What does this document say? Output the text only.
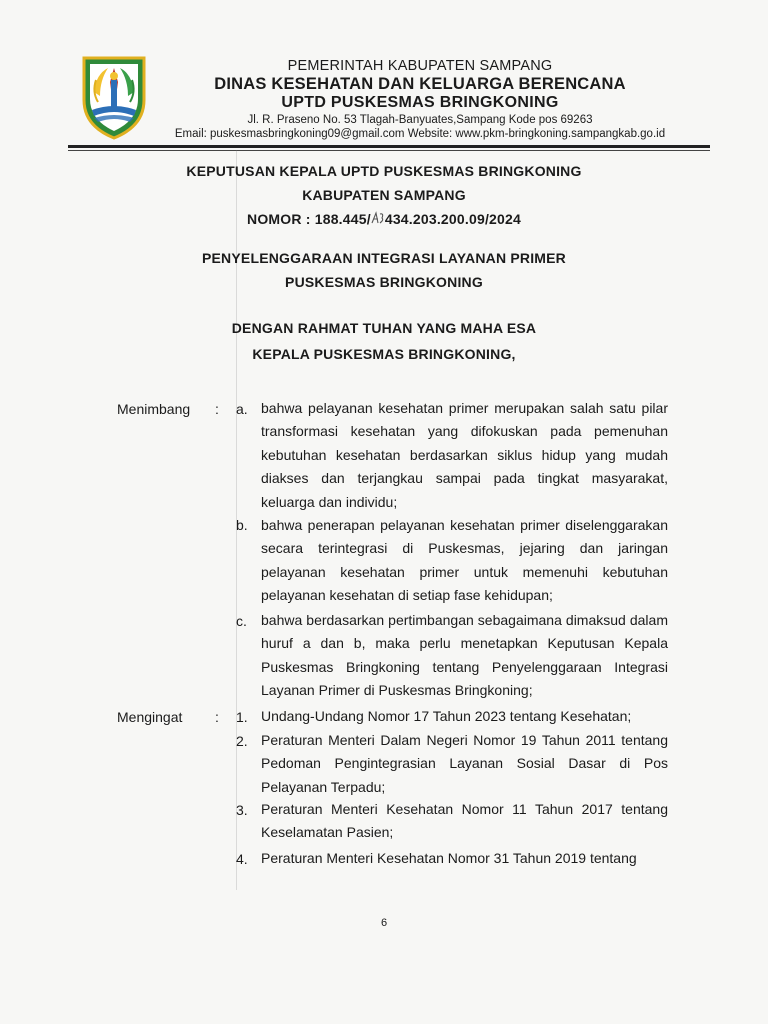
PEMERINTAH KABUPATEN SAMPANG
DINAS KESEHATAN DAN KELUARGA BERENCANA
UPTD PUSKESMAS BRINGKONING
Jl. R. Praseno No. 53 Tlagah-Banyuates,Sampang Kode pos 69263
Email: puskesmasbringkoning09@gmail.com Website: www.pkm-bringkoning.sampangkab.go.id
KEPUTUSAN KEPALA UPTD PUSKESMAS BRINGKONING
KABUPATEN SAMPANG
NOMOR : 188.445/ 434.203.200.09/2024
PENYELENGGARAAN INTEGRASI LAYANAN PRIMER
PUSKESMAS BRINGKONING
DENGAN RAHMAT TUHAN YANG MAHA ESA
KEPALA PUSKESMAS BRINGKONING,
Menimbang : a. bahwa pelayanan kesehatan primer merupakan salah satu pilar transformasi kesehatan yang difokuskan pada pemenuhan kebutuhan kesehatan berdasarkan siklus hidup yang mudah diakses dan terjangkau sampai pada tingkat masyarakat, keluarga dan individu;
b. bahwa penerapan pelayanan kesehatan primer diselenggarakan secara terintegrasi di Puskesmas, jejaring dan jaringan pelayanan kesehatan primer untuk memenuhi kebutuhan pelayanan kesehatan di setiap fase kehidupan;
c. bahwa berdasarkan pertimbangan sebagaimana dimaksud dalam huruf a dan b, maka perlu menetapkan Keputusan Kepala Puskesmas Bringkoning tentang Penyelenggaraan Integrasi Layanan Primer di Puskesmas Bringkoning;
Mengingat : 1. Undang-Undang Nomor 17 Tahun 2023 tentang Kesehatan;
2. Peraturan Menteri Dalam Negeri Nomor 19 Tahun 2011 tentang Pedoman Pengintegrasian Layanan Sosial Dasar di Pos Pelayanan Terpadu;
3. Peraturan Menteri Kesehatan Nomor 11 Tahun 2017 tentang Keselamatan Pasien;
4. Peraturan Menteri Kesehatan Nomor 31 Tahun 2019 tentang
6
